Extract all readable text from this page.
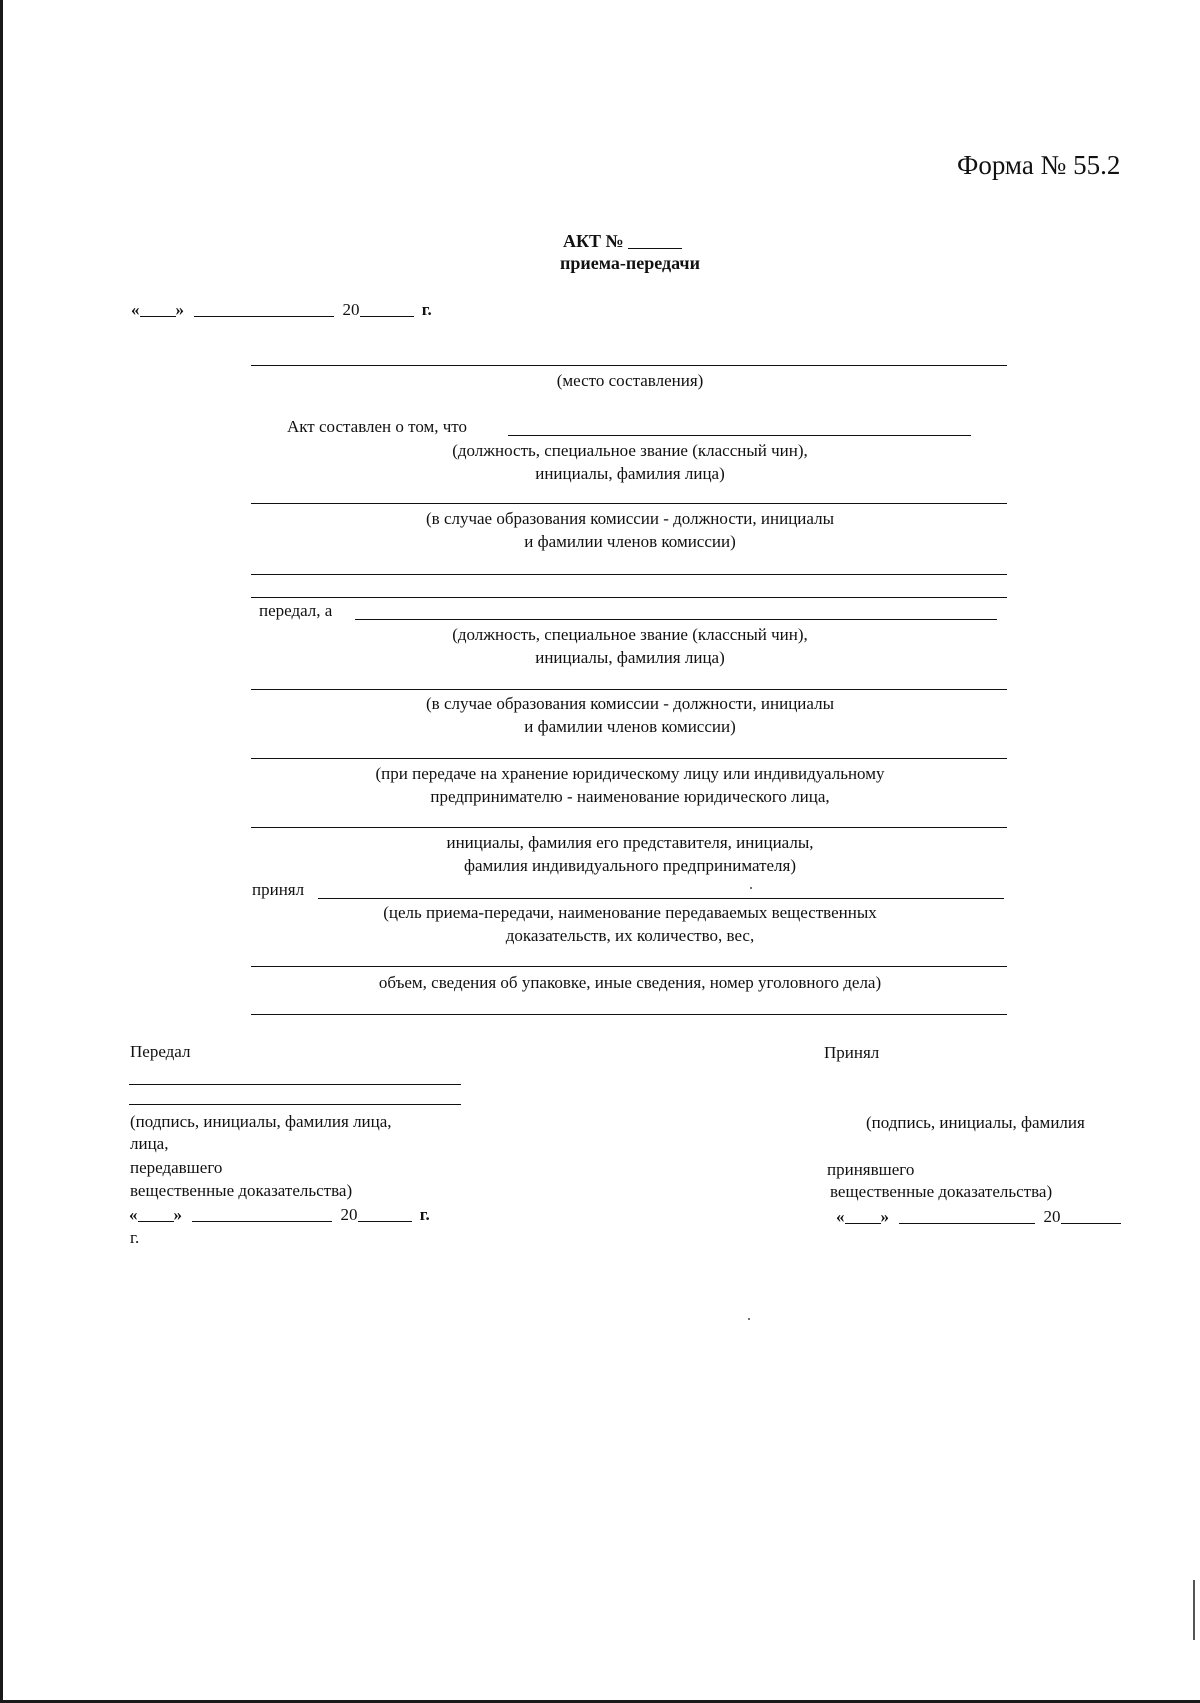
Форма № 55.2
АКТ №
приема-передачи
« »	20	г.
(место составления)
Акт составлен о том, что
(должность, специальное звание (классный чин),
инициалы, фамилия лица)
(в случае образования комиссии - должности, инициалы
и фамилии членов комиссии)
передал, а
(должность, специальное звание (классный чин),
инициалы, фамилия лица)
(в случае образования комиссии - должности, инициалы
и фамилии членов комиссии)
(при передаче на хранение юридическому лицу или индивидуальному
предпринимателю - наименование юридического лица,
инициалы, фамилия его представителя, инициалы,
фамилия индивидуального предпринимателя)
принял
(цель приема-передачи, наименование передаваемых вещественных
доказательств, их количество, вес,
объем, сведения об упаковке, иные сведения, номер уголовного дела)
Передал
(подпись, инициалы, фамилия лица,
лица,
передавшего
вещественные доказательства)
« »	20	г.
г.
Принял
(подпись, инициалы, фамилия
принявшего
вещественные доказательства)
« »	20
